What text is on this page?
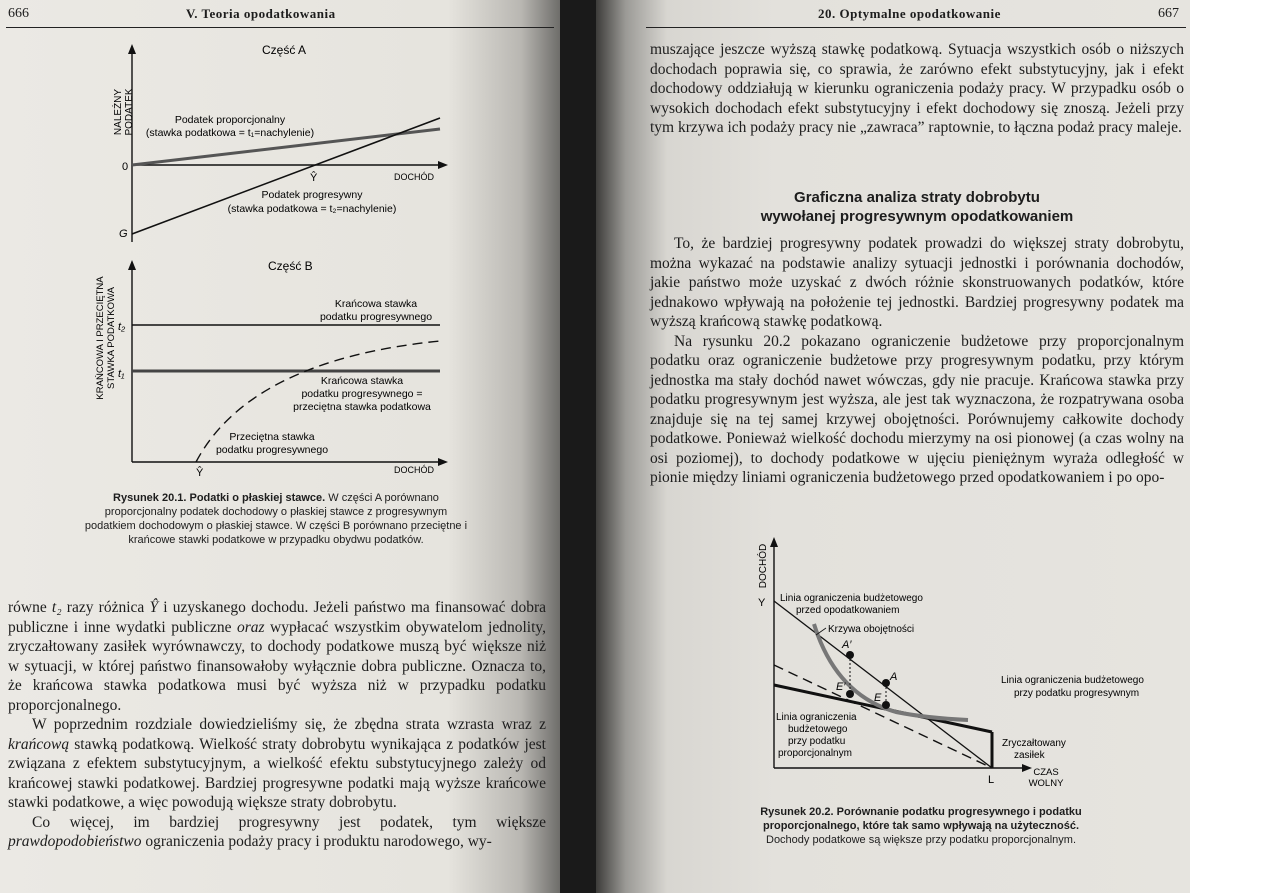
666	V. Teoria opodatkowania
Część A
NALEŻNY PODATEK
0
G
Ŷ	DOCHÓD
Podatek proporcjonalny
(stawka podatkowa = t₁=nachylenie)
Podatek progresywny
(stawka podatkowa = t₂=nachylenie)
Część B
KRAŃCOWA I PRZECIĘTNA STAWKA PODATKOWA t₂
t₁
Ŷ	DOCHÓD
Krańcowa stawka
podatku progresywnego
Krańcowa stawka
podatku progresywnego =
przeciętna stawka podatkowa
Przeciętna stawka
podatku progresywnego
Rysunek 20.1. Podatki o płaskiej stawce. W części A porównano proporcjonalny podatek dochodowy o płaskiej stawce z progresywnym podatkiem dochodowym o płaskiej stawce. W części B porównano przeciętne i krańcowe stawki podatkowe w przypadku obydwu podatków.

równe t₂ razy różnica Ŷ i uzyskanego dochodu. Jeżeli państwo ma finansować dobra publiczne i inne wydatki publiczne oraz wypłacać wszystkim obywatelom jednolity, zryczałtowany zasiłek wyrównawczy, to dochody podatkowe muszą być większe niż w sytuacji, w której państwo finansowałoby wyłącznie dobra publiczne. Oznacza to, że krańcowa stawka podatkowa musi być wyższa niż w przypadku podatku proporcjonalnego.

W poprzednim rozdziale dowiedzieliśmy się, że zbędna strata wzrasta wraz z krańcową stawką podatkową. Wielkość straty dobrobytu wynikająca z podatków jest związana z efektem substytucyjnym, a wielkość efektu substytucyjnego zależy od krańcowej stawki podatkowej. Bardziej progresywne podatki mają wyższe krańcowe stawki podatkowe, a więc powodują większe straty dobrobytu.

Co więcej, im bardziej progresywny jest podatek, tym większe prawdopodobieństwo ograniczenia podaży pracy i produktu narodowego, wy-

20. Optymalne opodatkowanie	667

muszające jeszcze wyższą stawkę podatkową. Sytuacja wszystkich osób o niższych dochodach poprawia się, co sprawia, że zarówno efekt substytucyjny, jak i efekt dochodowy oddziałują w kierunku ograniczenia podaży pracy. W przypadku osób o wysokich dochodach efekt substytucyjny i efekt dochodowy się znoszą. Jeżeli przy tym krzywa ich podaży pracy nie „zawraca” raptownie, to łączna podaż pracy maleje.

Graficzna analiza straty dobrobytu
wywołanej progresywnym opodatkowaniem

To, że bardziej progresywny podatek prowadzi do większej straty dobrobytu, można wykazać na podstawie analizy sytuacji jednostki i porównania dochodów, jakie państwo może uzyskać z dwóch różnie skonstruowanych podatków, które jednakowo wpływają na położenie tej jednostki. Bardziej progresywny podatek ma wyższą krańcową stawkę podatkową.

Na rysunku 20.2 pokazano ograniczenie budżetowe przy proporcjonalnym podatku oraz ograniczenie budżetowe przy progresywnym podatku, przy którym jednostka ma stały dochód nawet wówczas, gdy nie pracuje. Krańcowa stawka przy podatku progresywnym jest wyższa, ale jest tak wyznaczona, że rozpatrywana osoba znajduje się na tej samej krzywej obojętności. Porównujemy całkowite dochody podatkowe. Ponieważ wielkość dochodu mierzymy na osi pionowej (a czas wolny na osi poziomej), to dochody podatkowe w ujęciu pieniężnym wyraża odległość w pionie między liniami ograniczenia budżetowego przed opodatkowaniem i po opo-

DOCHÓD
Y
L
CZAS
WOLNY
A′
E′
A
E
Linia ograniczenia budżetowego
przed opodatkowaniem
Krzywa obojętności
Linia ograniczenia budżetowego
przy podatku progresywnym
Linia ograniczenia
budżetowego
przy podatku
proporcjonalnym
Zryczałtowany
zasiłek
Rysunek 20.2. Porównanie podatku progresywnego i podatku proporcjonalnego, które tak samo wpływają na użyteczność. Dochody podatkowe są większe przy podatku proporcjonalnym.
